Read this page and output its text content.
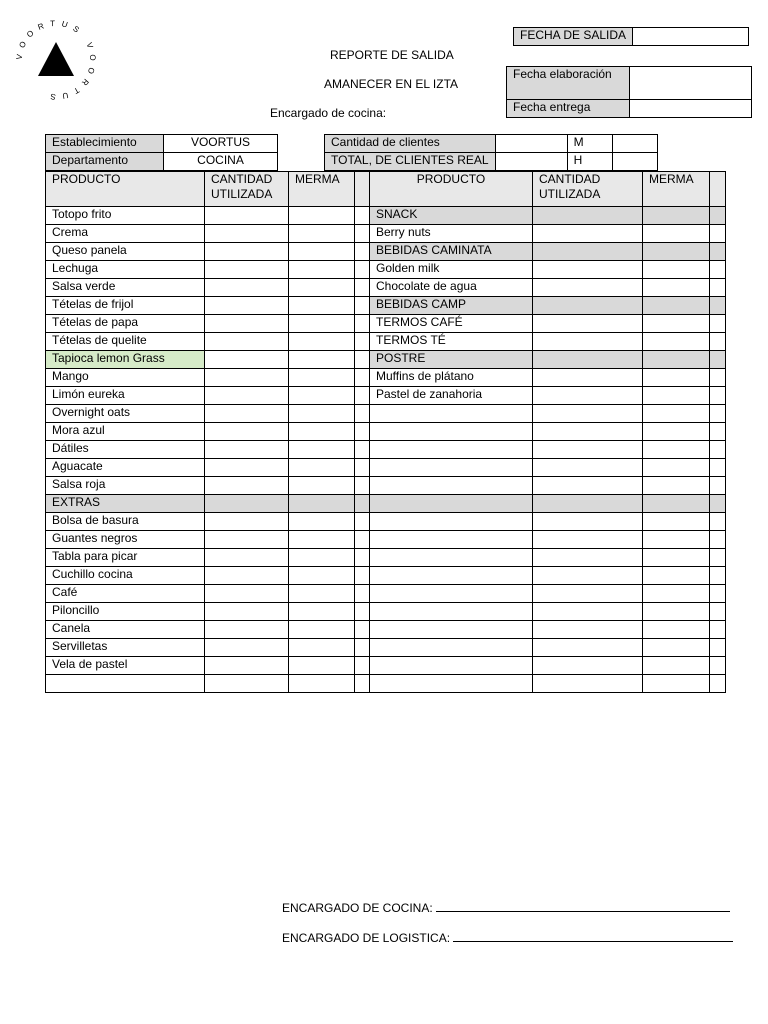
VOORTUS VOORTUS
REPORTE DE SALIDA
AMANECER EN EL IZTA
Encargado de cocina:
FECHA DE SALIDA	
Fecha elaboración	
Fecha entrega	
Establecimiento	VOORTUS		Cantidad de clientes		M	
Departamento	COCINA		TOTAL, DE CLIENTES REAL		H	
PRODUCTO	CANTIDAD UTILIZADA	MERMA		PRODUCTO	CANTIDAD UTILIZADA	MERMA	
Totopo frito				SNACK			
Crema				Berry nuts			
Queso panela				BEBIDAS CAMINATA			
Lechuga				Golden milk			
Salsa verde				Chocolate de agua			
Tételas de frijol				BEBIDAS CAMP			
Tételas de papa				TERMOS CAFÉ			
Tételas de quelite				TERMOS TÉ			
Tapioca lemon Grass				POSTRE			
Mango				Muffins de plátano			
Limón eureka				Pastel de zanahoria			
Overnight oats							
Mora azul							
Dátiles							
Aguacate							
Salsa roja							
EXTRAS							
Bolsa de basura							
Guantes negros							
Tabla para picar							
Cuchillo cocina							
Café							
Piloncillo							
Canela							
Servilletas							
Vela de pastel							

ENCARGADO DE COCINA:
ENCARGADO DE LOGISTICA:
